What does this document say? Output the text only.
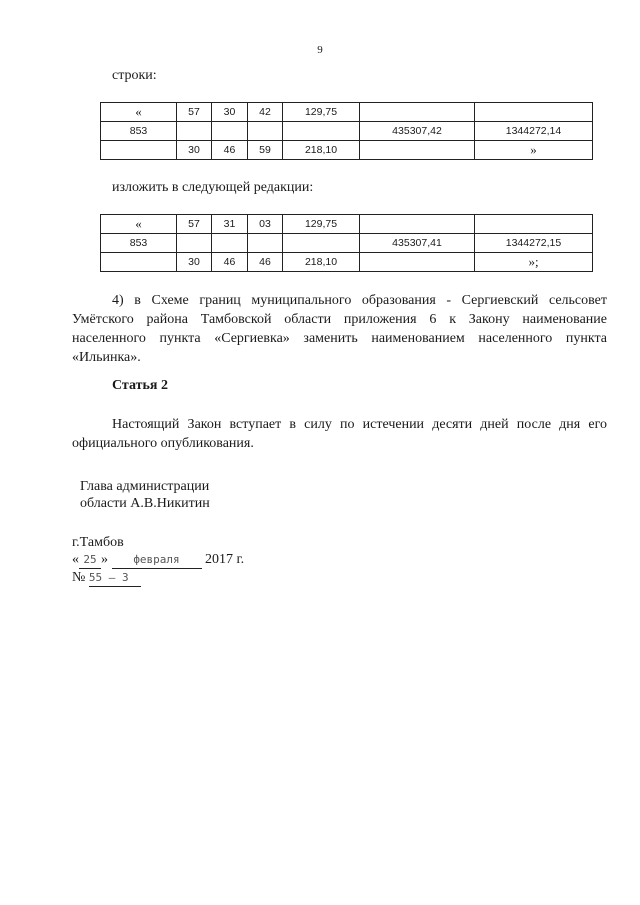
9
строки:
«	57	30	42	129,75		
853					435307,42	1344272,14
	30	46	59	218,10		»
изложить в следующей редакции:
«	57	31	03	129,75		
853					435307,41	1344272,15
	30	46	46	218,10		»;
4) в Схеме границ муниципального образования - Сергиевский сельсовет Умётского района Тамбовской области приложения 6 к Закону наименование населенного пункта «Сергиевка» заменить наименованием населенного пункта «Ильинка».
Статья 2
Настоящий Закон вступает в силу по истечении десяти дней после дня его официального опубликования.
Глава администрации
области А.В.Никитин
г.Тамбов
« 25 » февраля 2017 г.
№ 55 – 3
